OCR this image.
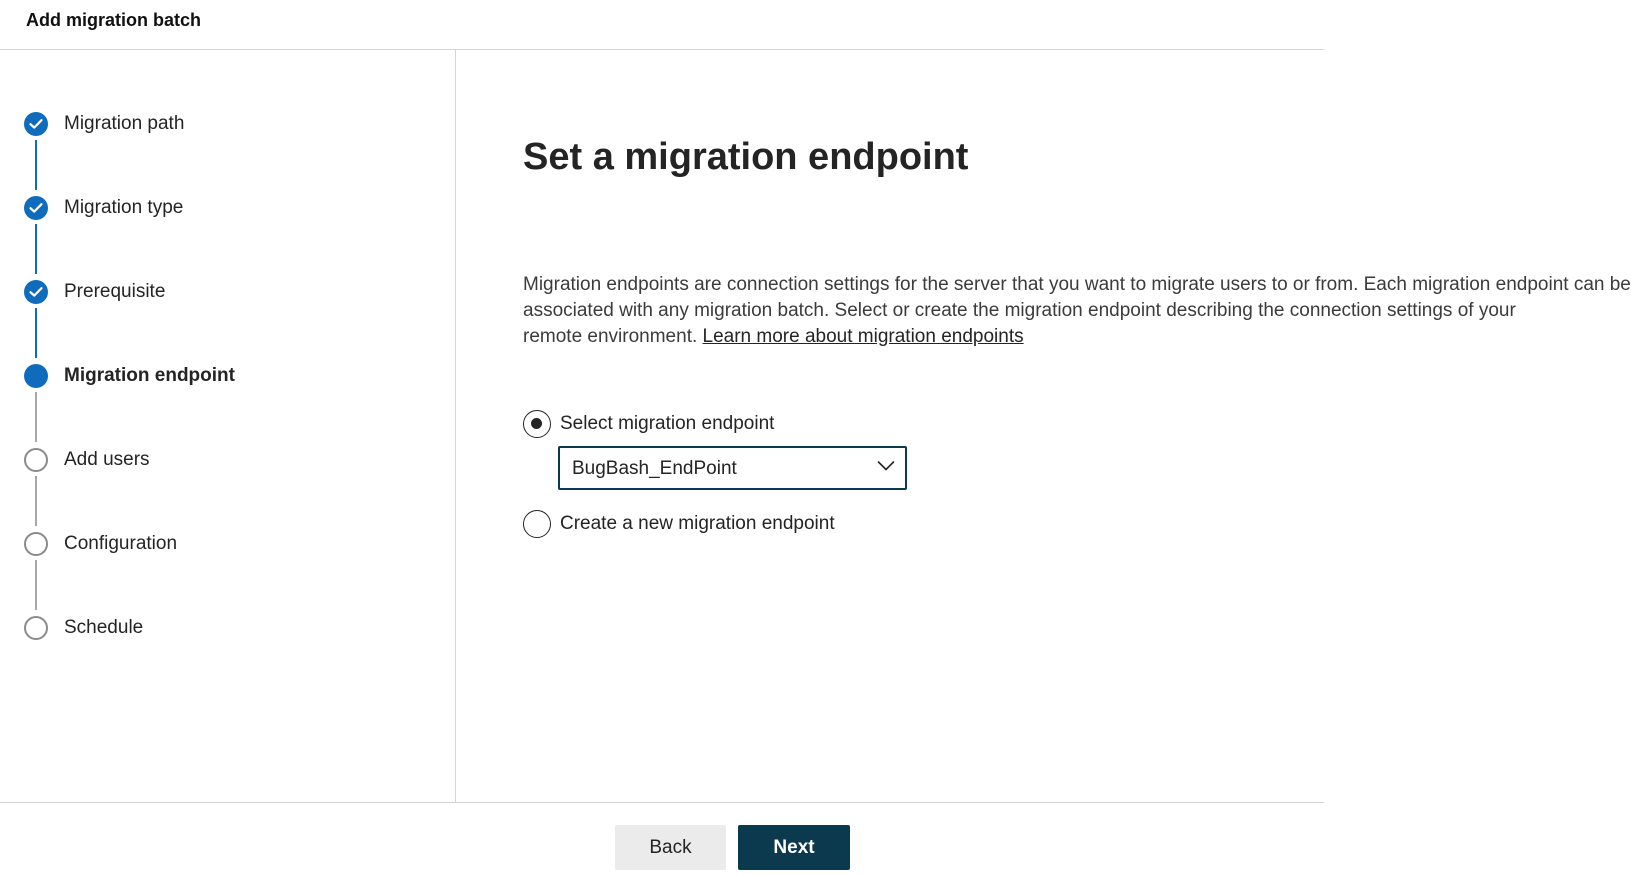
Add migration batch
Migration path
Migration type
Prerequisite
Migration endpoint
Add users
Configuration
Schedule
Set a migration endpoint
Migration endpoints are connection settings for the server that you want to migrate users to or from. Each migration endpoint can be
associated with any migration batch. Select or create the migration endpoint describing the connection settings of your
remote environment. Learn more about migration endpoints
Select migration endpoint
BugBash_EndPoint
Create a new migration endpoint
Back	Next
